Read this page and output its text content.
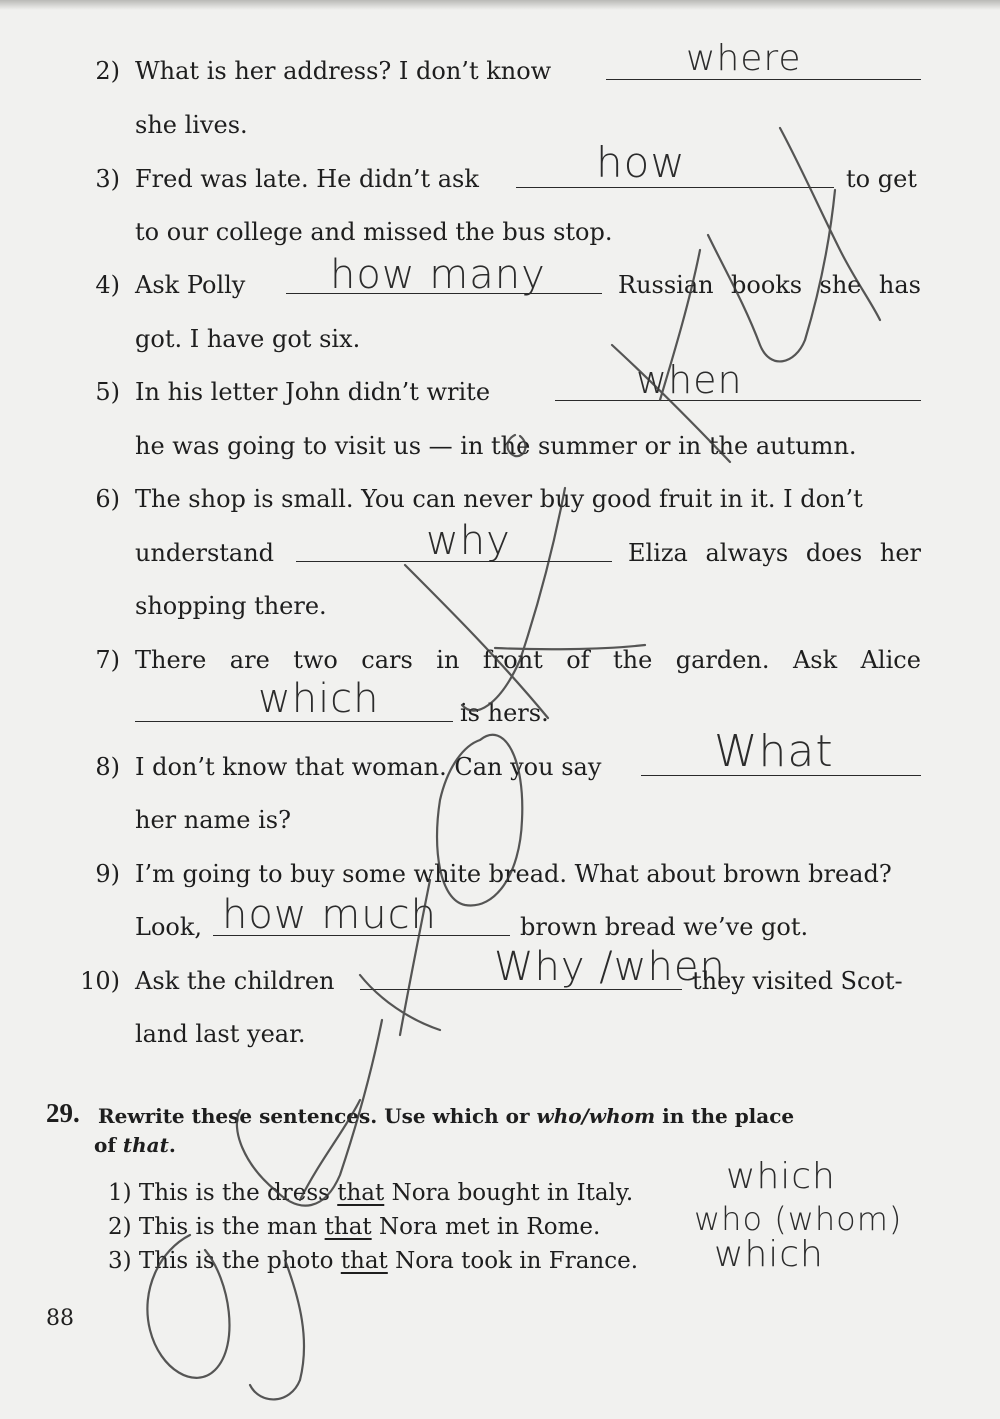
2) What is her address? I don’t know	where
she lives.
3) Fred was late. He didn’t ask	how	to get
to our college and missed the bus stop.
4) Ask Polly how many	Russian books she has
got. I have got six.
5) In his letter John didn’t write	when
he was going to visit us — in the summer or in the autumn.
6) The shop is small. You can never buy good fruit in it. I don’t
understand	why	Eliza always does her
shopping there.
7) There are two cars in front of the garden. Ask Alice
which	is hers.
8) I don’t know that woman. Can you say	What
her name is?
9) I’m going to buy some white bread. What about brown bread?
Look, how much	brown bread we’ve got.
10) Ask the children	Why /when
they visited Scot-
land last year.
29. Rewrite these sentences. Use which or who/whom in the place
of that.
1) This is the dress that Nora bought in Italy.
2) This is the man that Nora met in Rome.
3) This is the photo that Nora took in France.
which
who (whom)
which
88
